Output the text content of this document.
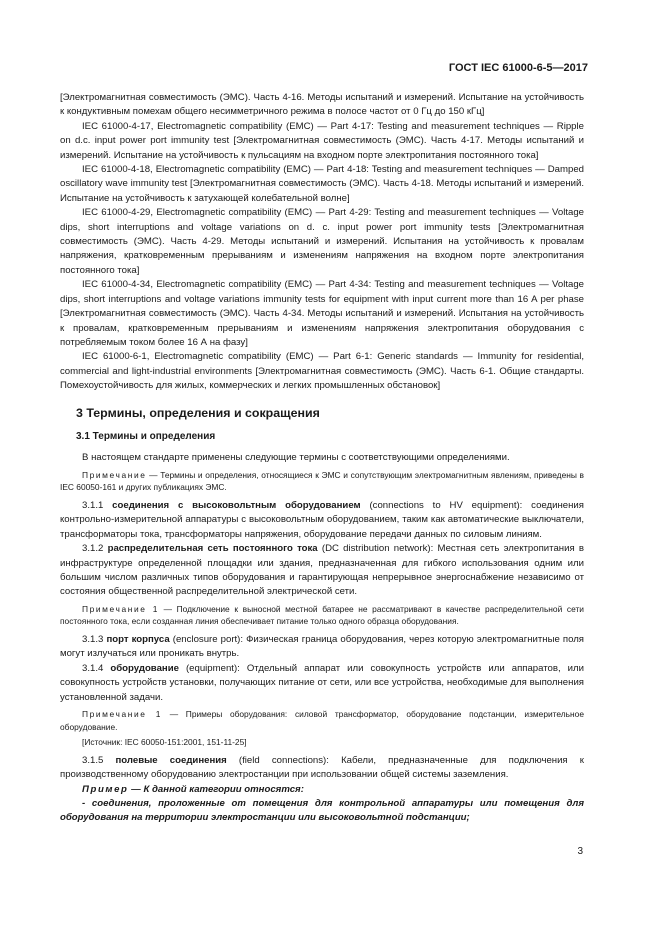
ГОСТ IEC 61000-6-5—2017

[Электромагнитная совместимость (ЭМС). Часть 4-16. Методы испытаний и измерений. Испытание на устойчивость к кондуктивным помехам общего несимметричного режима в полосе частот от 0 Гц до 150 кГц]

IEC 61000-4-17, Electromagnetic compatibility (EMC) — Part 4-17: Testing and measurement techniques — Ripple on d.c. input power port immunity test [Электромагнитная совместимость (ЭМС). Часть 4-17. Методы испытаний и измерений. Испытание на устойчивость к пульсациям на входном порте электропитания постоянного тока]

IEC 61000-4-18, Electromagnetic compatibility (EMC) — Part 4-18: Testing and measurement techniques — Damped oscillatory wave immunity test [Электромагнитная совместимость (ЭМС). Часть 4-18. Методы испытаний и измерений. Испытание на устойчивость к затухающей колебательной волне]

IEC 61000-4-29, Electromagnetic compatibility (EMC) — Part 4-29: Testing and measurement techniques — Voltage dips, short interruptions and voltage variations on d. c. input power port immunity tests [Электромагнитная совместимость (ЭМС). Часть 4-29. Методы испытаний и измерений. Испытания на устойчивость к провалам напряжения, кратковременным прерываниям и изменениям напряжения на входном порте электропитания постоянного тока]

IEC 61000-4-34, Electromagnetic compatibility (EMC) — Part 4-34: Testing and measurement techniques — Voltage dips, short interruptions and voltage variations immunity tests for equipment with input current more than 16 A per phase [Электромагнитная совместимость (ЭМС). Часть 4-34. Методы испытаний и измерений. Испытания на устойчивость к провалам, кратковременным прерываниям и изменениям напряжения электропитания оборудования с потребляемым током более 16 А на фазу]

IEC 61000-6-1, Electromagnetic compatibility (EMC) — Part 6-1: Generic standards — Immunity for residential, commercial and light-industrial environments [Электромагнитная совместимость (ЭМС). Часть 6-1. Общие стандарты. Помехоустойчивость для жилых, коммерческих и легких промышленных обстановок]

3 Термины, определения и сокращения
3.1 Термины и определения

В настоящем стандарте применены следующие термины с соответствующими определениями.

Примечание — Термины и определения, относящиеся к ЭМС и сопутствующим электромагнитным явлениям, приведены в IEC 60050-161 и других публикациях ЭМС.

3.1.1 соединения с высоковольтным оборудованием (connections to HV equipment): соединения контрольно-измерительной аппаратуры с высоковольтным оборудованием, таким как автоматические выключатели, трансформаторы тока, трансформаторы напряжения, оборудование передачи данных по силовым линиям.

3.1.2 распределительная сеть постоянного тока (DC distribution network): Местная сеть электропитания в инфраструктуре определенной площадки или здания, предназначенная для гибкого использования одним или большим числом различных типов оборудования и гарантирующая непрерывное энергоснабжение независимо от состояния общественной распределительной электрической сети.

Примечание 1 — Подключение к выносной местной батарее не рассматривают в качестве распределительной сети постоянного тока, если созданная линия обеспечивает питание только одного образца оборудования.

3.1.3 порт корпуса (enclosure port): Физическая граница оборудования, через которую электромагнитные поля могут излучаться или проникать внутрь.

3.1.4 оборудование (equipment): Отдельный аппарат или совокупность устройств или аппаратов, или совокупность устройств установки, получающих питание от сети, или все устройства, необходимые для выполнения установленной задачи.

Примечание 1 — Примеры оборудования: силовой трансформатор, оборудование подстанции, измерительное оборудование.

[Источник: IEC 60050-151:2001, 151-11-25]

3.1.5 полевые соединения (field connections): Кабели, предназначенные для подключения к производственному оборудованию электростанции при использовании общей системы заземления.

Пример — К данной категории относятся:

- соединения, проложенные от помещения для контрольной аппаратуры или помещения для оборудования на территории электростанции или высоковольтной подстанции;

3
